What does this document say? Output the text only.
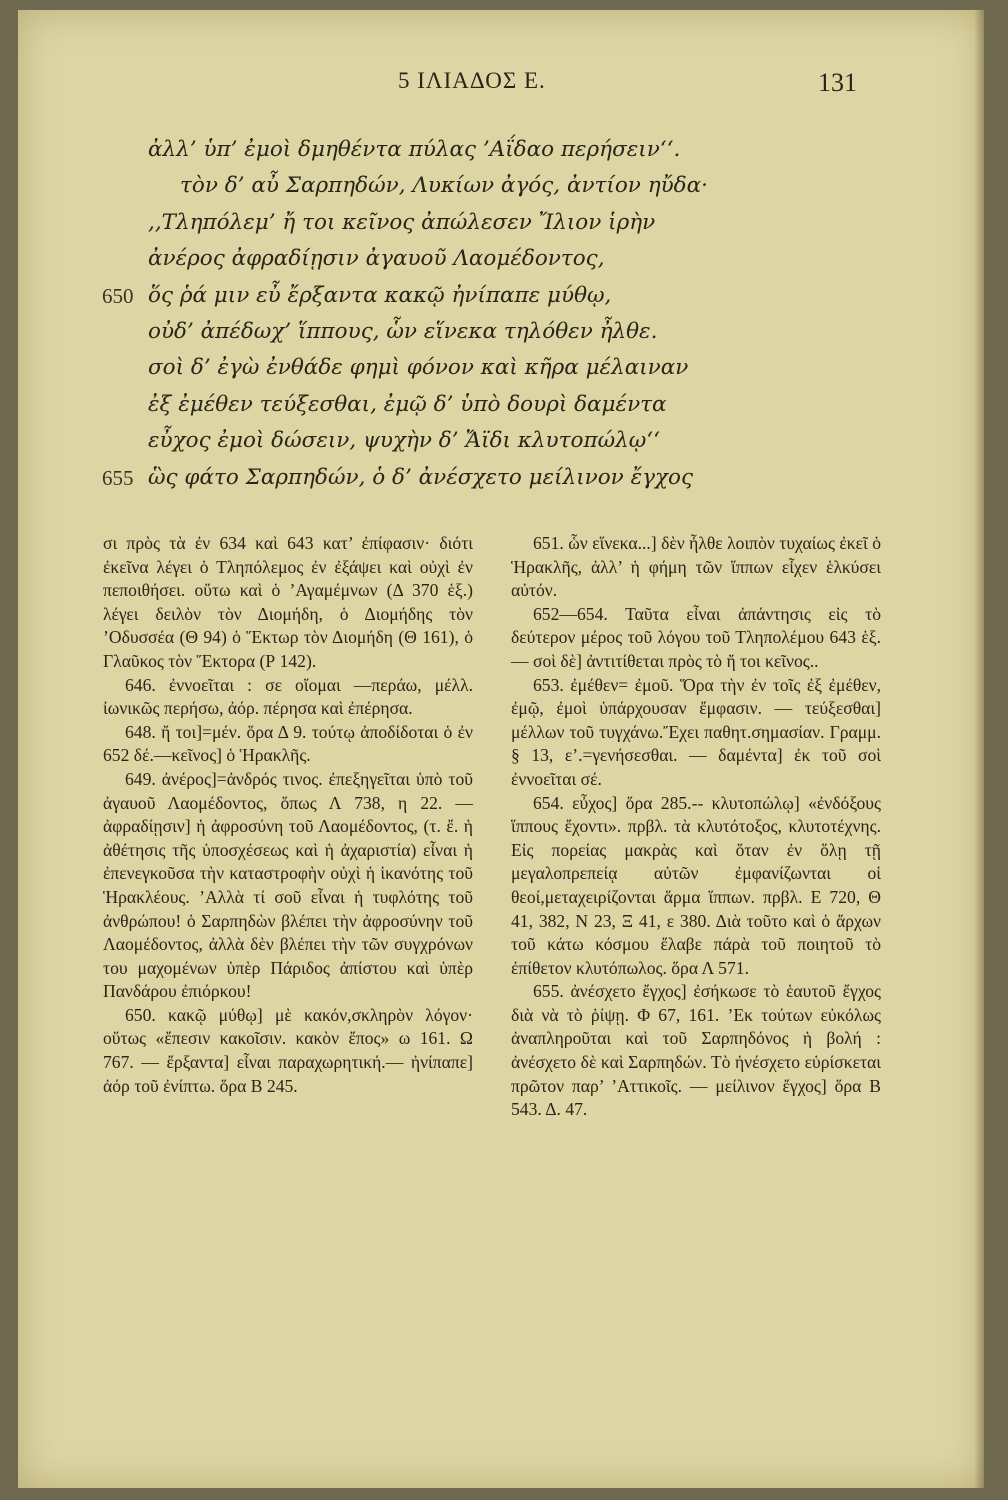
5 ΙΛΙΑΔΟΣ Ε.	131
ἀλλ’ ὑπ’ ἐμοὶ δμηθέντα πύλας ’Αΐδαο περήσειν‘‘.
τὸν δ’ αὖ Σαρπηδών, Λυκίων ἀγός, ἀντίον ηὔδα·
,,Τληπόλεμ’ ἤ τοι κεῖνος ἀπώλεσεν Ἴλιον ἱρὴν
ἀνέρος ἀφραδίῃσιν ἀγαυοῦ Λαομέδοντος,
650 ὅς ῥά μιν εὖ ἔρξαντα κακῷ ἠνίπαπε μύθῳ,
οὐδ’ ἀπέδωχ’ ἵππους, ὧν εἵνεκα τηλόθεν ἦλθε.
σοὶ δ’ ἐγὼ ἐνθάδε φημὶ φόνον καὶ κῆρα μέλαιναν
ἐξ ἐμέθεν τεύξεσθαι, ἐμῷ δ’ ὑπὸ δουρὶ δαμέντα
εὖχος ἐμοὶ δώσειν, ψυχὴν δ’ Ἄϊδι κλυτοπώλῳ‘‘
655 ὣς φάτο Σαρπηδών, ὁ δ’ ἀνέσχετο μείλινον ἔγχος

σι πρὸς τὰ ἐν 634 καὶ 643 κατ’ ἐπίφασιν· διότι ἐκεῖνα λέγει ὁ Τληπόλεμος ἐν ἐξάψει καὶ οὐχὶ ἐν πεποιθήσει. οὕτω καὶ ὁ ’Αγαμέμνων (Δ 370 ἑξ.) λέγει δειλὸν τὸν Διομήδη, ὁ Διομήδης τὸν ’Οδυσσέα (Θ 94) ὁ Ἕκτωρ τὸν Διομήδη (Θ 161), ὁ Γλαῦκος τὸν Ἕκτορα (Ρ 142).

646. ἐννοεῖται : σε οἴομαι —περάω, μέλλ. ἰωνικῶς περήσω, ἀόρ. πέρησα καὶ ἐπέρησα.

648. ἤ τοι]=μέν. ὅρα Δ 9. τούτῳ ἀποδίδοται ὁ ἐν 652 δέ.—κεῖνος] ὁ Ἡρακλῆς.

649. ἀνέρος]=ἀνδρός τινος. ἐπεξηγεῖται ὑπὸ τοῦ ἀγαυοῦ Λαομέδοντος, ὅπως Λ 738, η 22. — ἀφραδίῃσιν] ἡ ἀφροσύνη τοῦ Λαομέδοντος, (τ. ἔ. ἡ ἀθέτησις τῆς ὑποσχέσεως καὶ ἡ ἀχαριστία) εἶναι ἡ ἐπενεγκοῦσα τὴν καταστροφὴν οὐχὶ ἡ ἱκανότης τοῦ Ἡρακλέους. ’Αλλὰ τί σοῦ εἶναι ἡ τυφλότης τοῦ ἀνθρώπου! ὁ Σαρπηδὼν βλέπει τὴν ἀφροσύνην τοῦ Λαομέδοντος, ἀλλὰ δὲν βλέπει τὴν τῶν συγχρόνων του μαχομένων ὑπὲρ Πάριδος ἀπίστου καὶ ὑπὲρ Πανδάρου ἐπιόρκου!

650. κακῷ μύθῳ] μὲ κακόν,σκληρὸν λόγον· οὕτως «ἔπεσιν κακοῖσιν. κακὸν ἔπος» ω 161. Ω 767. — ἔρξαντα] εἶναι παραχωρητική.— ἠνίπαπε] ἀόρ τοῦ ἐνίπτω. ὅρα Β 245.

651. ὧν εἵνεκα...] δὲν ἦλθε λοιπὸν τυχαίως ἐκεῖ ὁ Ἡρακλῆς, ἀλλ’ ἡ φήμη τῶν ἵππων εἶχεν ἑλκύσει αὐτόν.

652—654. Ταῦτα εἶναι ἀπάντησις εἰς τὸ δεύτερον μέρος τοῦ λόγου τοῦ Τληπολέμου 643 ἑξ. — σοὶ δὲ] ἀντιτίθεται πρὸς τὸ ἤ τοι κεῖνος..

653. ἐμέθεν= ἐμοῦ. Ὅρα τὴν ἐν τοῖς ἐξ ἐμέθεν, ἐμῷ, ἐμοὶ ὑπάρχουσαν ἔμφασιν. — τεύξεσθαι] μέλλων τοῦ τυγχάνω.Ἔχει παθητ.σημασίαν. Γραμμ. § 13, ε’.=γενήσεσθαι. — δαμέντα] ἐκ τοῦ σοὶ ἐννοεῖται σέ.

654. εὖχος] ὅρα 285.-- κλυτοπώλῳ] «ἐνδόξους ἵππους ἔχοντι». πρβλ. τὰ κλυτότοξος, κλυτοτέχνης. Εἰς πορείας μακρὰς καὶ ὅταν ἐν ὅλῃ τῇ μεγαλοπρεπείᾳ αὐτῶν ἐμφανίζωνται οἱ θεοί,μεταχειρίζονται ἅρμα ἵππων. πρβλ. Ε 720, Θ 41, 382, Ν 23, Ξ 41, ε 380. Διὰ τοῦτο καὶ ὁ ἄρχων τοῦ κάτω κόσμου ἔλαβε πάρὰ τοῦ ποιητοῦ τὸ ἐπίθετον κλυτόπωλος. ὅρα Λ 571.

655. ἀνέσχετο ἔγχος] ἐσήκωσε τὸ ἑαυτοῦ ἔγχος διὰ νὰ τὸ ῥίψῃ. Φ 67, 161. ’Εκ τούτων εὐκόλως ἀναπληροῦται καὶ τοῦ Σαρπηδόνος ἡ βολή : ἀνέσχετο δὲ καὶ Σαρπηδών. Τὸ ἠνέσχετο εὑρίσκεται πρῶτον παρ’ ’Αττικοῖς. — μείλινον ἔγχος] ὅρα Β 543. Δ. 47.
